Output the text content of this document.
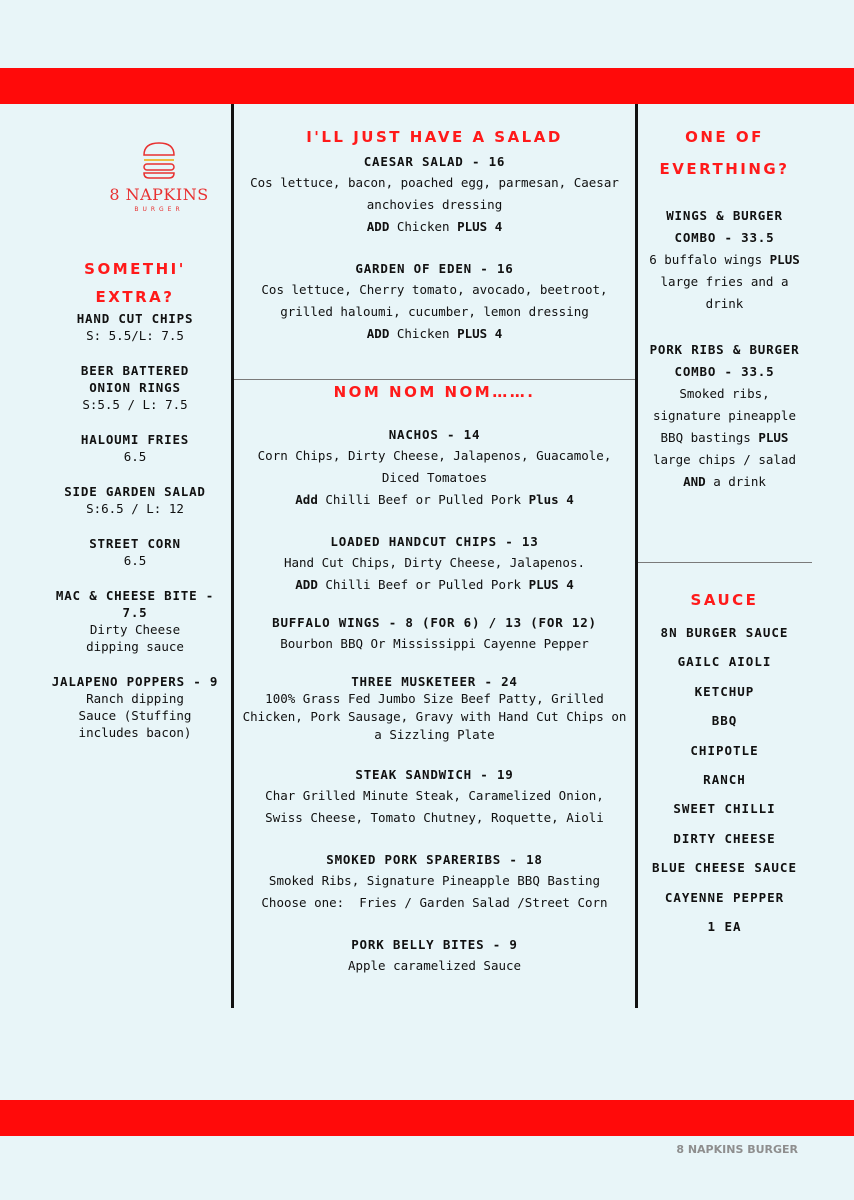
8 NAPKINS
BURGER
SOMETHI'
EXTRA?
HAND CUT CHIPS
S: 5.5/L: 7.5
BEER BATTERED ONION RINGS
S:5.5 / L: 7.5
HALOUMI FRIES
6.5
SIDE GARDEN SALAD
S:6.5 / L: 12
STREET CORN
6.5
MAC & CHEESE BITE - 7.5
Dirty Cheese dipping sauce
JALAPENO POPPERS - 9
Ranch dipping Sauce (Stuffing includes bacon)
I'LL JUST HAVE A SALAD
CAESAR SALAD - 16
Cos lettuce, bacon, poached egg, parmesan, Caesar anchovies dressing
ADD Chicken PLUS 4
GARDEN OF EDEN - 16
Cos lettuce, Cherry tomato, avocado, beetroot, grilled haloumi, cucumber, lemon dressing
ADD Chicken PLUS 4
NOM NOM NOM…….
NACHOS - 14
Corn Chips, Dirty Cheese, Jalapenos, Guacamole, Diced Tomatoes
Add Chilli Beef or Pulled Pork Plus 4
LOADED HANDCUT CHIPS - 13
Hand Cut Chips, Dirty Cheese, Jalapenos.
ADD Chilli Beef or Pulled Pork PLUS 4
BUFFALO WINGS - 8 (FOR 6) / 13 (FOR 12)
Bourbon BBQ Or Mississippi Cayenne Pepper
THREE MUSKETEER - 24
100% Grass Fed Jumbo Size Beef Patty, Grilled Chicken, Pork Sausage, Gravy with Hand Cut Chips on a Sizzling Plate
STEAK SANDWICH - 19
Char Grilled Minute Steak, Caramelized Onion, Swiss Cheese, Tomato Chutney, Roquette, Aioli
SMOKED PORK SPARERIBS - 18
Smoked Ribs, Signature Pineapple BBQ Basting
Choose one:  Fries / Garden Salad /Street Corn
PORK BELLY BITES - 9
Apple caramelized Sauce
ONE OF
EVERTHING?
WINGS & BURGER COMBO - 33.5
6 buffalo wings PLUS large fries and a drink
PORK RIBS & BURGER COMBO - 33.5
Smoked ribs, signature pineapple BBQ bastings PLUS large chips / salad AND a drink
SAUCE
8N BURGER SAUCE
GAILC AIOLI
KETCHUP
BBQ
CHIPOTLE
RANCH
SWEET CHILLI
DIRTY CHEESE
BLUE CHEESE SAUCE
CAYENNE PEPPER
1 EA
8 NAPKINS BURGER
